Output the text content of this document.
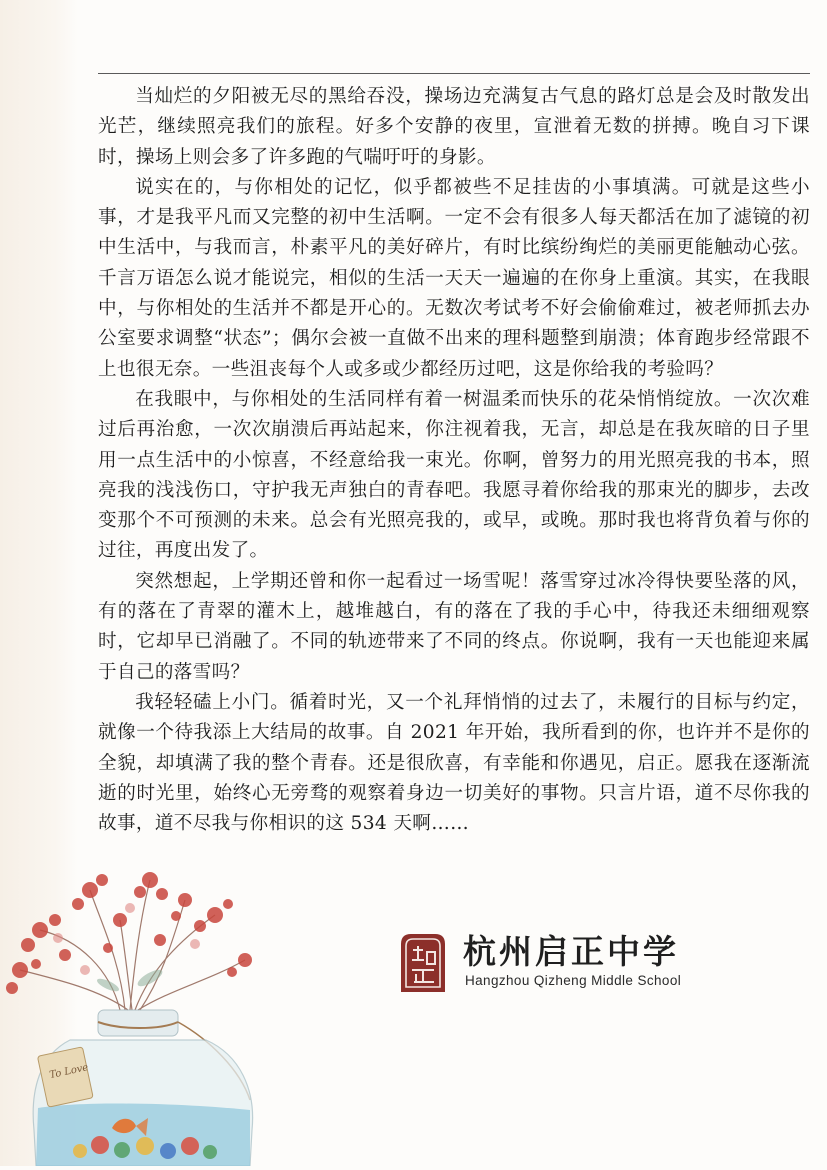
当灿烂的夕阳被无尽的黑给吞没，操场边充满复古气息的路灯总是会及时散发出光芒，继续照亮我们的旅程。好多个安静的夜里，宣泄着无数的拼搏。晚自习下课时，操场上则会多了许多跑的气喘吁吁的身影。

说实在的，与你相处的记忆，似乎都被些不足挂齿的小事填满。可就是这些小事，才是我平凡而又完整的初中生活啊。一定不会有很多人每天都活在加了滤镜的初中生活中，与我而言，朴素平凡的美好碎片，有时比缤纷绚烂的美丽更能触动心弦。千言万语怎么说才能说完，相似的生活一天天一遍遍的在你身上重演。其实，在我眼中，与你相处的生活并不都是开心的。无数次考试考不好会偷偷难过，被老师抓去办公室要求调整“状态”；偶尔会被一直做不出来的理科题整到崩溃；体育跑步经常跟不上也很无奈。一些沮丧每个人或多或少都经历过吧，这是你给我的考验吗？

在我眼中，与你相处的生活同样有着一树温柔而快乐的花朵悄悄绽放。一次次难过后再治愈，一次次崩溃后再站起来，你注视着我，无言，却总是在我灰暗的日子里用一点生活中的小惊喜，不经意给我一束光。你啊，曾努力的用光照亮我的书本，照亮我的浅浅伤口，守护我无声独白的青春吧。我愿寻着你给我的那束光的脚步，去改变那个不可预测的未来。总会有光照亮我的，或早，或晚。那时我也将背负着与你的过往，再度出发了。

突然想起，上学期还曾和你一起看过一场雪呢！落雪穿过冰冷得快要坠落的风，有的落在了青翠的灌木上，越堆越白，有的落在了我的手心中，待我还未细细观察时，它却早已消融了。不同的轨迹带来了不同的终点。你说啊，我有一天也能迎来属于自己的落雪吗？

我轻轻磕上小门。循着时光，又一个礼拜悄悄的过去了，未履行的目标与约定，就像一个待我添上大结局的故事。自 2021 年开始，我所看到的你，也许并不是你的全貌，却填满了我的整个青春。还是很欣喜，有幸能和你遇见，启正。愿我在逐渐流逝的时光里，始终心无旁骛的观察着身边一切美好的事物。只言片语，道不尽你我的故事，道不尽我与你相识的这 534 天啊……

To Love
杭州启正中学
Hangzhou Qizheng Middle School
